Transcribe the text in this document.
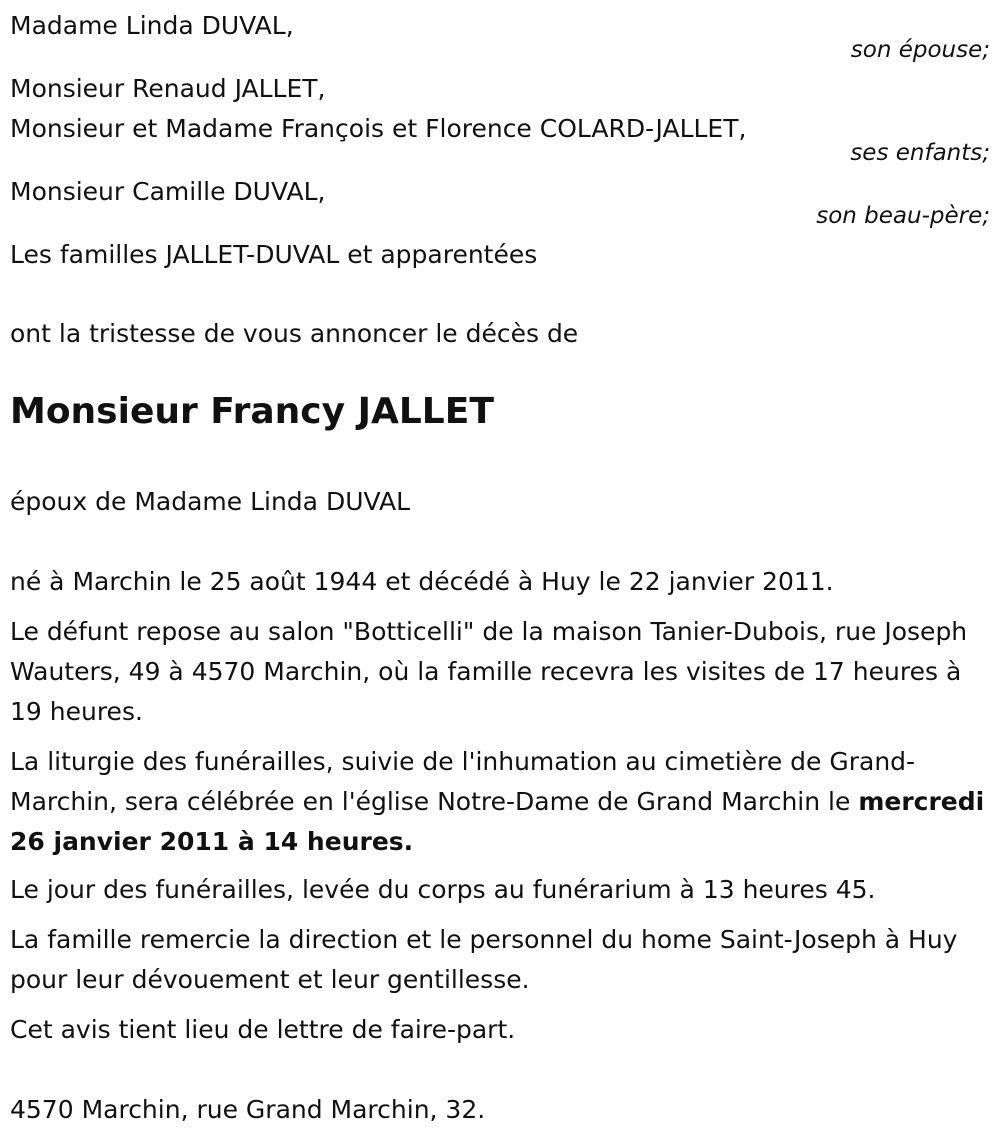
Madame Linda DUVAL,
son épouse;
Monsieur Renaud JALLET,
Monsieur et Madame François et Florence COLARD-JALLET,
ses enfants;
Monsieur Camille DUVAL,
son beau-père;
Les familles JALLET-DUVAL et apparentées
ont la tristesse de vous annoncer le décès de
Monsieur Francy JALLET
époux de Madame Linda DUVAL
né à Marchin le 25 août 1944 et décédé à Huy le 22 janvier 2011.
Le défunt repose au salon "Botticelli" de la maison Tanier-Dubois, rue Joseph Wauters, 49 à 4570 Marchin, où la famille recevra les visites de 17 heures à 19 heures.
La liturgie des funérailles, suivie de l'inhumation au cimetière de Grand-Marchin, sera célébrée en l'église Notre-Dame de Grand Marchin le mercredi 26 janvier 2011 à 14 heures.
Le jour des funérailles, levée du corps au funérarium à 13 heures 45.
La famille remercie la direction et le personnel du home Saint-Joseph à Huy pour leur dévouement et leur gentillesse.
Cet avis tient lieu de lettre de faire-part.
4570 Marchin, rue Grand Marchin, 32.
